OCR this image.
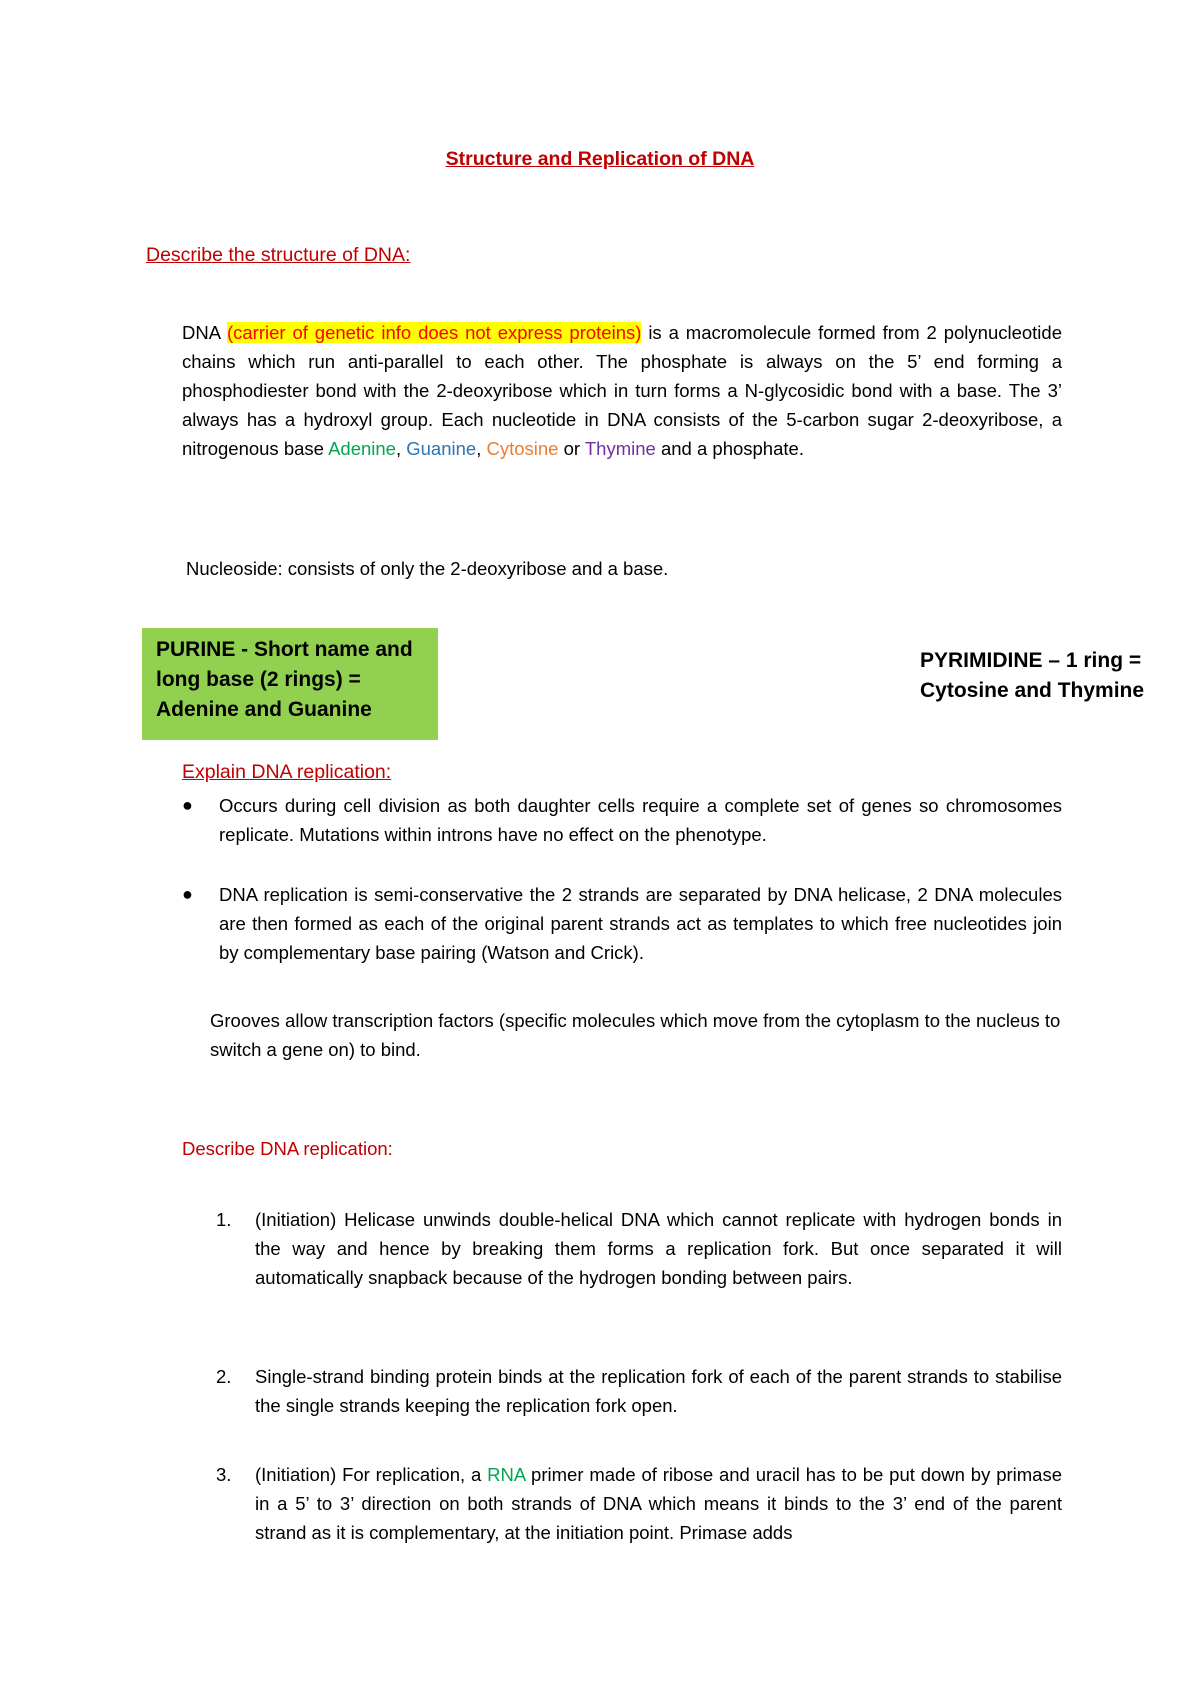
Structure and Replication of DNA
Describe the structure of DNA:
DNA (carrier of genetic info does not express proteins) is a macromolecule formed from 2 polynucleotide chains which run anti-parallel to each other. The phosphate is always on the 5’ end forming a phosphodiester bond with the 2-deoxyribose which in turn forms a N-glycosidic bond with a base. The 3’ always has a hydroxyl group. Each nucleotide in DNA consists of the 5-carbon sugar 2-deoxyribose, a nitrogenous base Adenine, Guanine, Cytosine or Thymine and a phosphate.
Nucleoside: consists of only the 2-deoxyribose and a base.
PURINE - Short name and long base (2 rings) = Adenine and Guanine
PYRIMIDINE – 1 ring = Cytosine and Thymine
Explain DNA replication:
● Occurs during cell division as both daughter cells require a complete set of genes so chromosomes replicate. Mutations within introns have no effect on the phenotype.
● DNA replication is semi-conservative the 2 strands are separated by DNA helicase, 2 DNA molecules are then formed as each of the original parent strands act as templates to which free nucleotides join by complementary base pairing (Watson and Crick).
Grooves allow transcription factors (specific molecules which move from the cytoplasm to the nucleus to switch a gene on) to bind.
Describe DNA replication:
1. (Initiation) Helicase unwinds double-helical DNA which cannot replicate with hydrogen bonds in the way and hence by breaking them forms a replication fork. But once separated it will automatically snapback because of the hydrogen bonding between pairs.
2. Single-strand binding protein binds at the replication fork of each of the parent strands to stabilise the single strands keeping the replication fork open.
3. (Initiation) For replication, a RNA primer made of ribose and uracil has to be put down by primase in a 5’ to 3’ direction on both strands of DNA which means it binds to the 3’ end of the parent strand as it is complementary, at the initiation point. Primase adds
